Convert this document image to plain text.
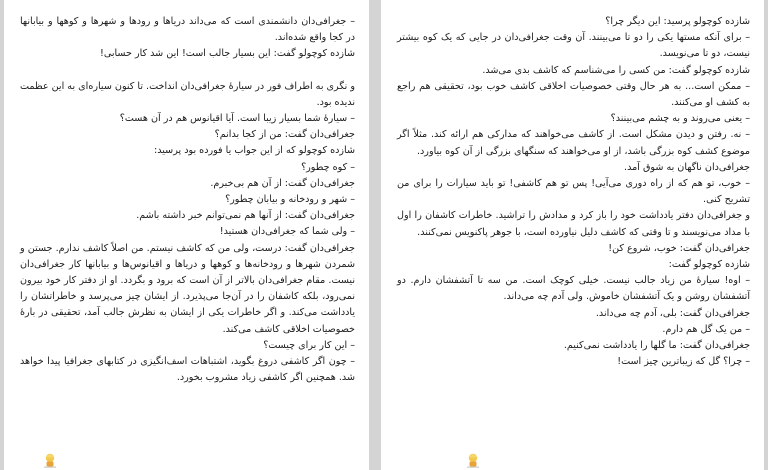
– جغرافی‌دان دانشمندی است که می‌داند دریاها و رودها و شهرها و کوهها و بیابانها در کجا واقع شده‌اند.

شازده کوچولو گفت: این بسیار جالب است! این شد کار حسابی!

و نگری به اطراف فور در سیارهٔ جغرافی‌دان انداخت. تا کنون سیاره‌ای به این عظمت ندیده بود.

– سیارهٔ شما بسیار زیبا است. آیا اقیانوس هم در آن هست؟

جغرافی‌دان گفت: من از کجا بدانم؟

شازده کوچولو که از این جواب یا فورده بود پرسید:

– کوه چطور؟

جغرافی‌دان گفت: از آن هم بی‌خبرم.

– شهر و رودخانه و بیابان چطور؟

جغرافی‌دان گفت: از آنها هم نمی‌توانم خبر داشته باشم.

– ولی شما که جغرافی‌دان هستید!

جغرافی‌دان گفت: درست، ولی من که کاشف نیستم. من اصلاً کاشف ندارم. جستن و شمردن شهرها و رودخانه‌ها و کوهها و دریاها و اقیانوس‌ها و بیابانها کار جغرافی‌دان نیست. مقام جغرافی‌دان بالاتر از آن است که برود و بگردد. او از دفتر کار خود بیرون نمی‌رود، بلکه کاشفان را در آن‌جا می‌پذیرد. از ایشان چیز می‌پرسد و خاطراتشان را یادداشت می‌کند. و اگر خاطرات یکی از ایشان به نظرش جالب آمد، تحقیقی در بارهٔ خصوصیات اخلاقی کاشف می‌کند.

– این کار برای چیست؟

– چون اگر کاشفی دروغ بگوید، اشتباهات اسف‌انگیزی در کتابهای جغرافیا پیدا خواهد شد. همچنین اگر کاشفی زیاد مشروب بخورد.

شازده کوچولو پرسید: این دیگر چرا؟

– برای آنکه مستها یکی را دو تا می‌بینند. آن وقت جغرافی‌دان در جایی که یک کوه بیشتر نیست، دو تا می‌نویسد.

شازده کوچولو گفت: من کسی را می‌شناسم که کاشف بدی می‌شد.

– ممکن است... به هر حال وقتی خصوصیات اخلاقی کاشف خوب بود، تحقیقی هم راجع به کشف او می‌کنند.

– یعنی می‌روند و به چشم می‌بینند؟

– نه. رفتن و دیدن مشکل است. از کاشف می‌خواهند که مدارکی هم ارائه کند. مثلاً اگر موضوع کشف کوه بزرگی باشد، از او می‌خواهند که سنگهای بزرگی از آن کوه بیاورد.

جغرافی‌دان ناگهان به شوق آمد.

– خوب، تو هم که از راه دوری می‌آیی! پس تو هم کاشفی! تو باید سیارات را برای من تشریح کنی.

و جغرافی‌دان دفتر یادداشت خود را باز کرد و مدادش را تراشید. خاطرات کاشفان را اول با مداد می‌نویسند و تا وقتی که کاشف دلیل نیاورده است، با جوهر پاکنویس نمی‌کنند.

جغرافی‌دان گفت: خوب، شروع کن!

شازده کوچولو گفت:

– اوه! سیارهٔ من زیاد جالب نیست. خیلی کوچک است. من سه تا آتشفشان دارم. دو آتشفشان روشن و یک آتشفشان خاموش. ولی آدم چه می‌داند.

جغرافی‌دان گفت: بلی، آدم چه می‌داند.

– من یک گل هم دارم.

جغرافی‌دان گفت: ما گلها را یادداشت نمی‌کنیم.

– چرا؟ گل که زیباترین چیز است!
